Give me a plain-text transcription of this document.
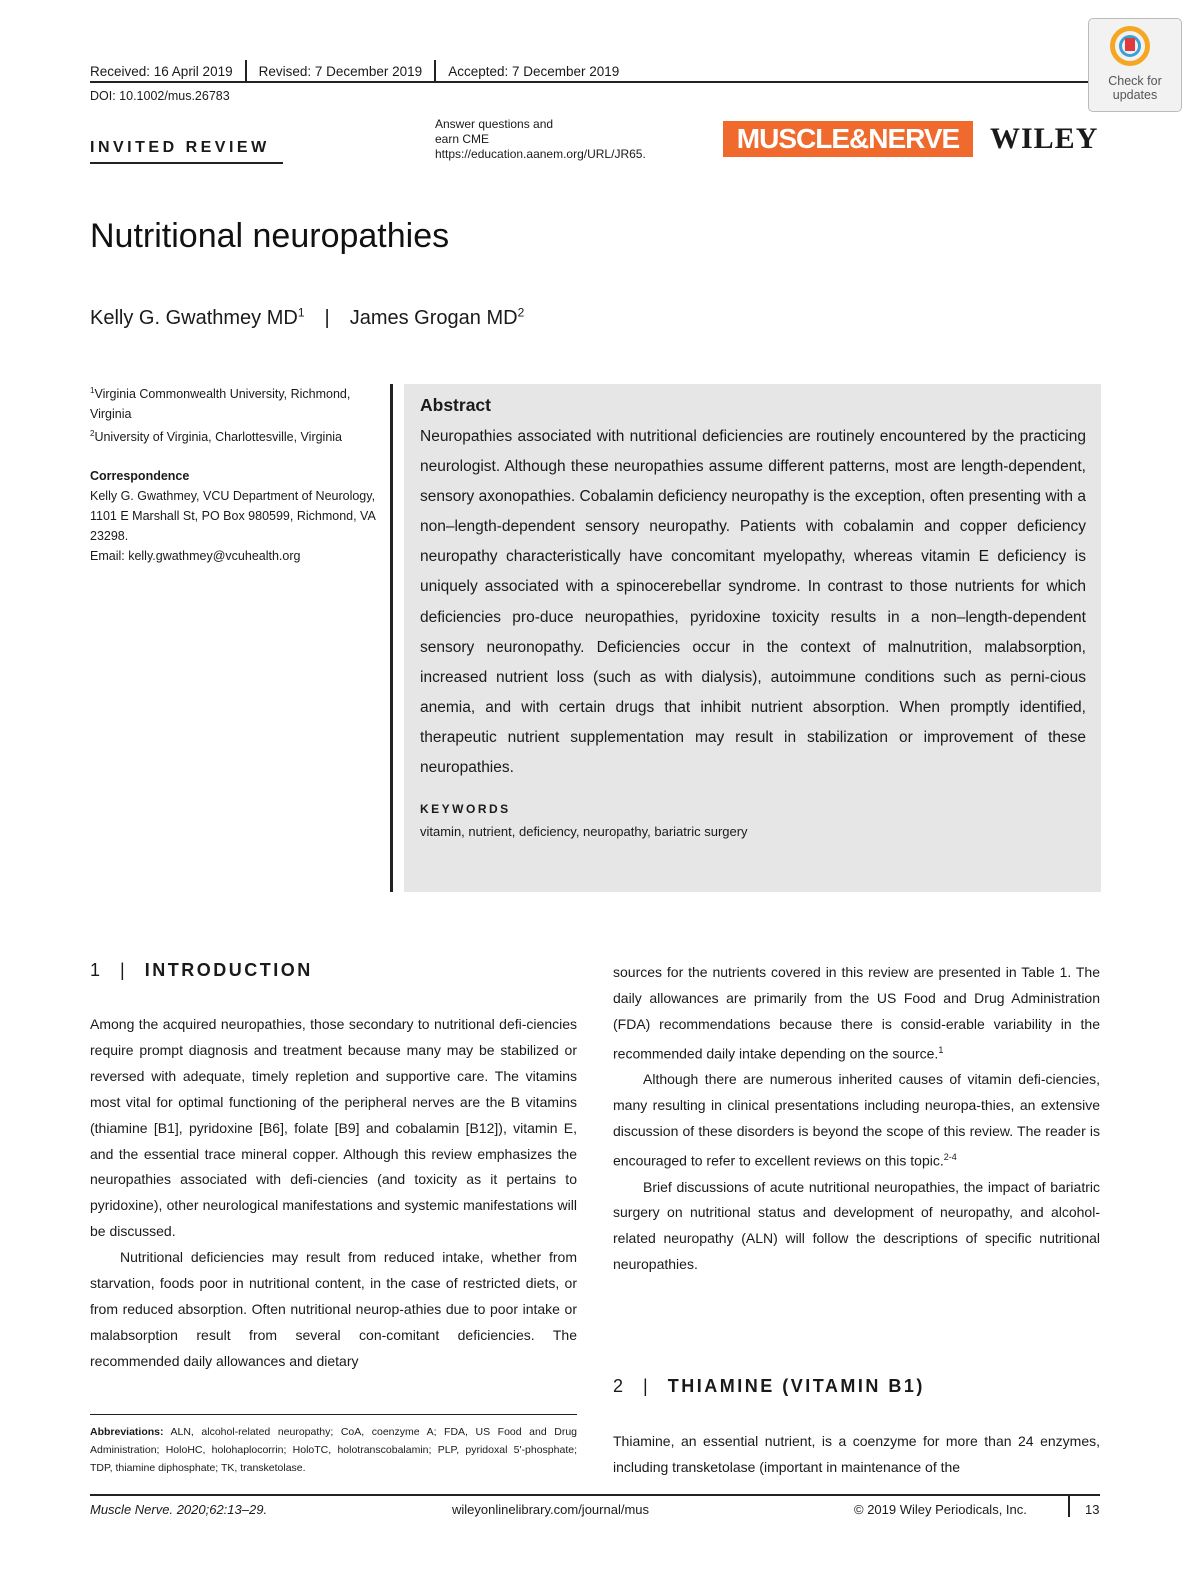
Received: 16 April 2019 Revised: 7 December 2019 Accepted: 7 December 2019
DOI: 10.1002/mus.26783
INVITED REVIEW
Answer questions and earn CME https://education.aanem.org/URL/JR65.	MUSCLE&NERVE	WILEY
Check for updates
Nutritional neuropathies
Kelly G. Gwathmey $MD^1$ | James Grogan $MD^2$

$^1$Virginia Commonwealth University, Richmond, Virginia

$^2$University of Virginia, Charlottesville, Virginia

Correspondence

Kelly G. Gwathmey, VCU Department of Neurology, 1101 E Marshall St, PO Box 980599, Richmond, VA 23298.

Email: kelly.gwathmey@vcuhealth.org

Abstract

Neuropathies associated with nutritional deficiencies are routinely encountered by the practicing neurologist. Although these neuropathies assume different patterns, most are length-dependent, sensory axonopathies. Cobalamin deficiency neuropathy is the exception, often presenting with a non–length-dependent sensory neuropathy. Patients with cobalamin and copper deficiency neuropathy characteristically have concomitant myelopathy, whereas vitamin E deficiency is uniquely associated with a spinocerebellar syndrome. In contrast to those nutrients for which deficiencies pro-duce neuropathies, pyridoxine toxicity results in a non–length-dependent sensory neuronopathy. Deficiencies occur in the context of malnutrition, malabsorption, increased nutrient loss (such as with dialysis), autoimmune conditions such as perni-cious anemia, and with certain drugs that inhibit nutrient absorption. When promptly identified, therapeutic nutrient supplementation may result in stabilization or improvement of these neuropathies.

KEYWORDS

vitamin, nutrient, deficiency, neuropathy, bariatric surgery

1 | INTRODUCTION

Among the acquired neuropathies, those secondary to nutritional defi-ciencies require prompt diagnosis and treatment because many may be stabilized or reversed with adequate, timely repletion and supportive care. The vitamins most vital for optimal functioning of the peripheral nerves are the B vitamins (thiamine [B1], pyridoxine [B6], folate [B9] and cobalamin [B12]), vitamin E, and the essential trace mineral copper. Although this review emphasizes the neuropathies associated with defi-ciencies (and toxicity as it pertains to pyridoxine), other neurological manifestations and systemic manifestations will be discussed.

Nutritional deficiencies may result from reduced intake, whether from starvation, foods poor in nutritional content, in the case of restricted diets, or from reduced absorption. Often nutritional neurop-athies due to poor intake or malabsorption result from several con-comitant deficiencies. The recommended daily allowances and dietary

sources for the nutrients covered in this review are presented in Table 1. The daily allowances are primarily from the US Food and Drug Administration (FDA) recommendations because there is consid-erable variability in the recommended daily intake depending on the source.$^1$

Although there are numerous inherited causes of vitamin defi-ciencies, many resulting in clinical presentations including neuropa-thies, an extensive discussion of these disorders is beyond the scope of this review. The reader is encouraged to refer to excellent reviews on this topic.$^{2-4}$

Brief discussions of acute nutritional neuropathies, the impact of bariatric surgery on nutritional status and development of neuropathy, and alcohol-related neuropathy (ALN) will follow the descriptions of specific nutritional neuropathies.

2 | THIAMINE (VITAMIN B1)

Thiamine, an essential nutrient, is a coenzyme for more than 24 enzymes, including transketolase (important in maintenance of the

Abbreviations: ALN, alcohol-related neuropathy; CoA, coenzyme A; FDA, US Food and Drug Administration; HoloHC, holohaplocorrin; HoloTC, holotranscobalamin; PLP, pyridoxal 5'-phosphate; TDP, thiamine diphosphate; TK, transketolase.
Muscle Nerve. 2020;62:13–29.	wileyonlinelibrary.com/journal/mus	© 2019 Wiley Periodicals, Inc.	13
